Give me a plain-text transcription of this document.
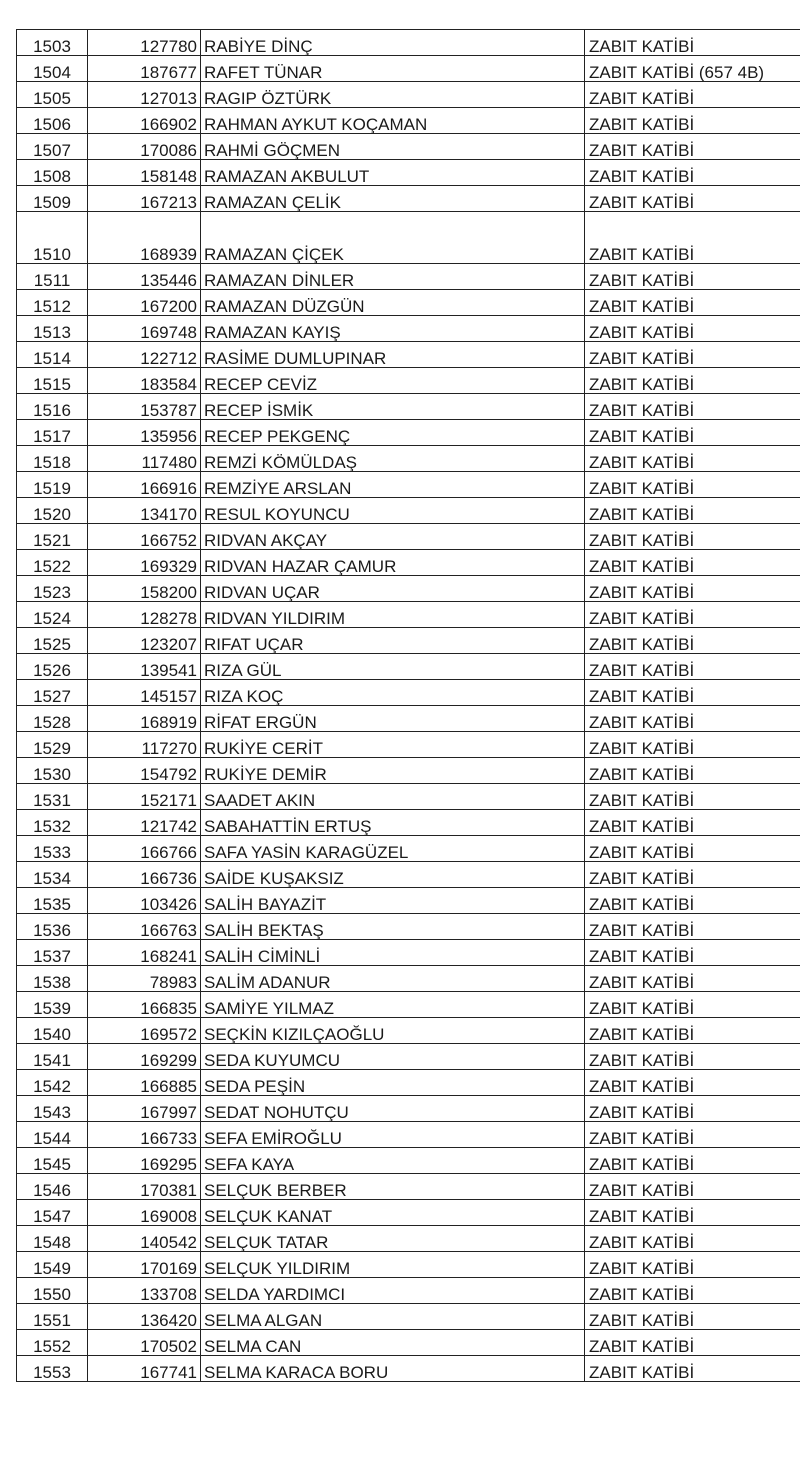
1503	127780	RABİYE DİNÇ	ZABIT KATİBİ
1504	187677	RAFET TÜNAR	ZABIT KATİBİ (657 4B)
1505	127013	RAGIP ÖZTÜRK	ZABIT KATİBİ
1506	166902	RAHMAN AYKUT KOÇAMAN	ZABIT KATİBİ
1507	170086	RAHMİ GÖÇMEN	ZABIT KATİBİ
1508	158148	RAMAZAN AKBULUT	ZABIT KATİBİ
1509	167213	RAMAZAN ÇELİK	ZABIT KATİBİ
1510	168939	RAMAZAN ÇİÇEK	ZABIT KATİBİ
1511	135446	RAMAZAN DİNLER	ZABIT KATİBİ
1512	167200	RAMAZAN DÜZGÜN	ZABIT KATİBİ
1513	169748	RAMAZAN KAYIŞ	ZABIT KATİBİ
1514	122712	RASİME DUMLUPINAR	ZABIT KATİBİ
1515	183584	RECEP CEVİZ	ZABIT KATİBİ
1516	153787	RECEP İSMİK	ZABIT KATİBİ
1517	135956	RECEP PEKGENÇ	ZABIT KATİBİ
1518	117480	REMZİ KÖMÜLDAŞ	ZABIT KATİBİ
1519	166916	REMZİYE ARSLAN	ZABIT KATİBİ
1520	134170	RESUL KOYUNCU	ZABIT KATİBİ
1521	166752	RIDVAN AKÇAY	ZABIT KATİBİ
1522	169329	RIDVAN HAZAR ÇAMUR	ZABIT KATİBİ
1523	158200	RIDVAN UÇAR	ZABIT KATİBİ
1524	128278	RIDVAN YILDIRIM	ZABIT KATİBİ
1525	123207	RIFAT UÇAR	ZABIT KATİBİ
1526	139541	RIZA GÜL	ZABIT KATİBİ
1527	145157	RIZA KOÇ	ZABIT KATİBİ
1528	168919	RİFAT ERGÜN	ZABIT KATİBİ
1529	117270	RUKİYE CERİT	ZABIT KATİBİ
1530	154792	RUKİYE DEMİR	ZABIT KATİBİ
1531	152171	SAADET AKIN	ZABIT KATİBİ
1532	121742	SABAHATTİN ERTUŞ	ZABIT KATİBİ
1533	166766	SAFA YASİN KARAGÜZEL	ZABIT KATİBİ
1534	166736	SAİDE KUŞAKSIZ	ZABIT KATİBİ
1535	103426	SALİH BAYAZİT	ZABIT KATİBİ
1536	166763	SALİH BEKTAŞ	ZABIT KATİBİ
1537	168241	SALİH CİMİNLİ	ZABIT KATİBİ
1538	78983	SALİM ADANUR	ZABIT KATİBİ
1539	166835	SAMİYE YILMAZ	ZABIT KATİBİ
1540	169572	SEÇKİN KIZILÇAOĞLU	ZABIT KATİBİ
1541	169299	SEDA KUYUMCU	ZABIT KATİBİ
1542	166885	SEDA PEŞİN	ZABIT KATİBİ
1543	167997	SEDAT NOHUTÇU	ZABIT KATİBİ
1544	166733	SEFA EMİROĞLU	ZABIT KATİBİ
1545	169295	SEFA KAYA	ZABIT KATİBİ
1546	170381	SELÇUK BERBER	ZABIT KATİBİ
1547	169008	SELÇUK KANAT	ZABIT KATİBİ
1548	140542	SELÇUK TATAR	ZABIT KATİBİ
1549	170169	SELÇUK YILDIRIM	ZABIT KATİBİ
1550	133708	SELDA YARDIMCI	ZABIT KATİBİ
1551	136420	SELMA ALGAN	ZABIT KATİBİ
1552	170502	SELMA CAN	ZABIT KATİBİ
1553	167741	SELMA KARACA BORU	ZABIT KATİBİ
